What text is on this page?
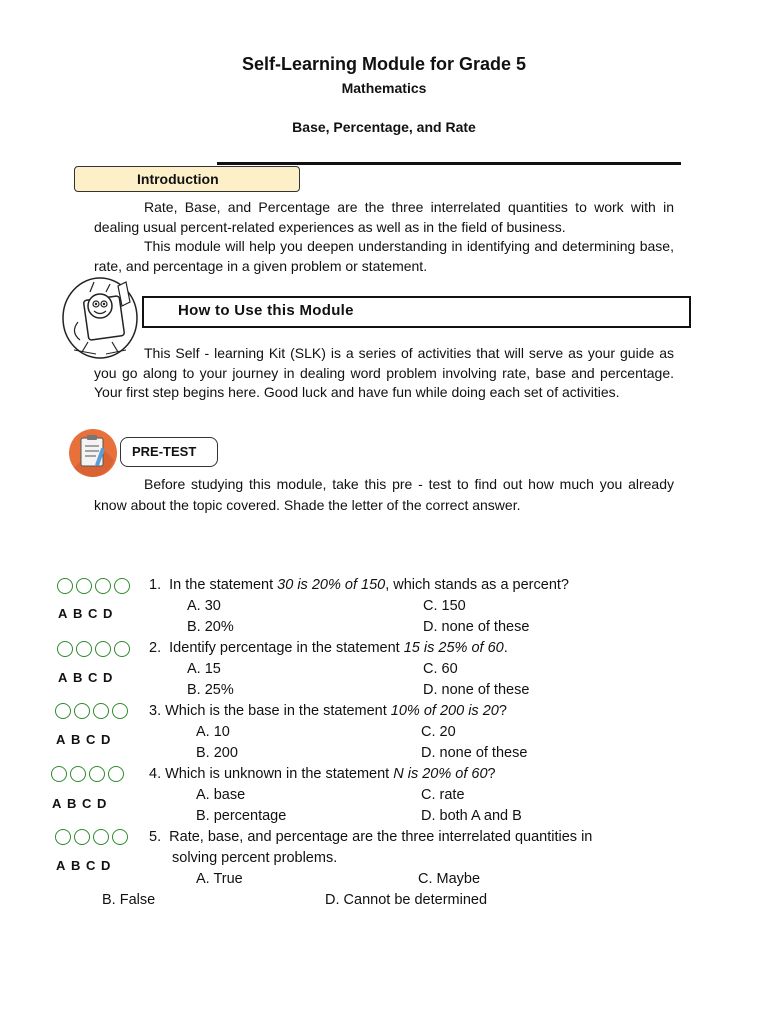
Self-Learning Module for Grade 5
Mathematics
Base, Percentage, and Rate
Introduction
Rate, Base, and Percentage are the three interrelated quantities to work with in dealing usual percent-related experiences as well as in the field of business.
This module will help you deepen understanding in identifying and determining base, rate, and percentage in a given problem or statement.
How to Use this Module
This Self - learning Kit (SLK) is a series of activities that will serve as your guide as you go along to your journey in dealing word problem involving rate, base and percentage. Your first step begins here. Good luck and have fun while doing each set of activities.
PRE-TEST
Before studying this module, take this pre - test to find out how much you already know about the topic covered. Shade the letter of the correct answer.
A B C D
1. In the statement 30 is 20% of 150, which stands as a percent?
A. 30	C. 150
B. 20%	D. none of these
A B C D
2. Identify percentage in the statement 15 is 25% of 60.
A. 15	C. 60
B. 25%	D. none of these
A B C D
3. Which is the base in the statement 10% of 200 is 20?
A. 10	C. 20
B. 200	D. none of these
A B C D
4. Which is unknown in the statement N is 20% of 60?
A. base	C. rate
B. percentage	D. both A and B
A B C D
5. Rate, base, and percentage are the three interrelated quantities in
solving percent problems.
A. True	C. Maybe
B. False	D. Cannot be determined
